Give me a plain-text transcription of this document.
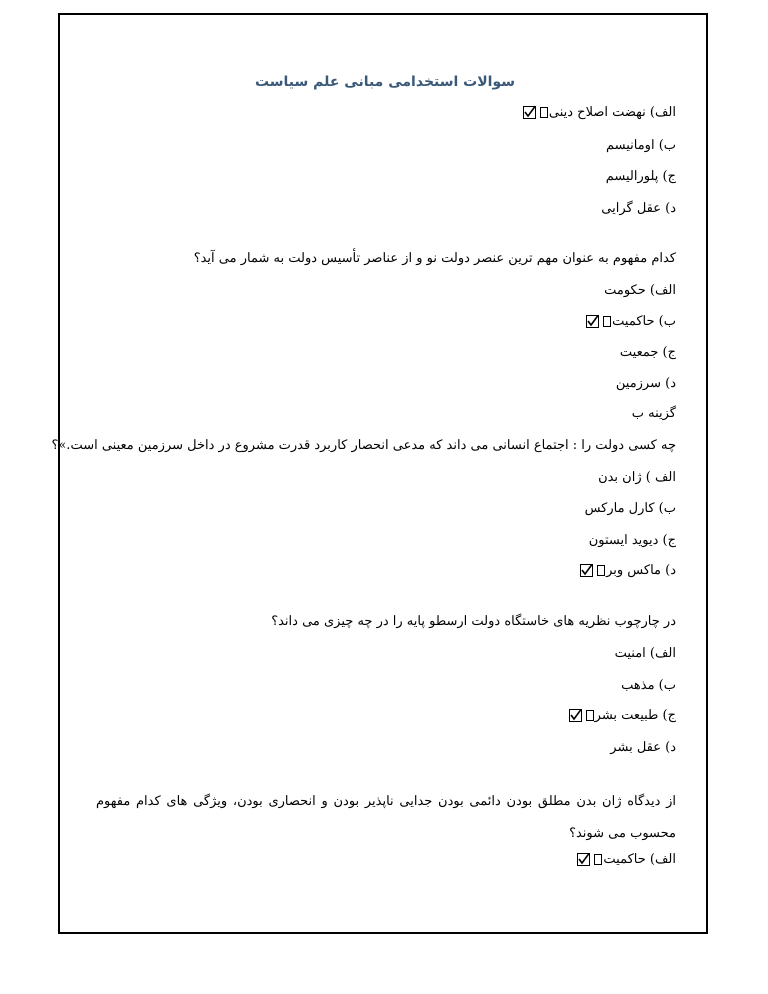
سوالات استخدامی مبانی علم سیاست
الف) نهضت اصلاح دینی
ب) اومانیسم
ج) پلورالیسم
د) عقل گرایی
کدام مفهوم به عنوان مهم ترین عنصر دولت نو و از عناصر تأسیس دولت به شمار می آید؟
الف) حکومت
ب) حاکمیت
ج) جمعیت
د) سرزمین
گزینه ب
چه کسی دولت را : اجتماع انسانی می داند که مدعی انحصار کاربرد قدرت مشروع در داخل سرزمین معینی است.»؟
الف ) ژان بدن
ب) کارل مارکس
ج) دیوید ایستون
د) ماکس وبر
در چارچوب نظریه های خاستگاه دولت ارسطو پایه را در چه چیزی می داند؟
الف) امنیت
ب) مذهب
ج) طبیعت بشر
د) عقل بشر
از دیدگاه ژان بدن مطلق بودن دائمی بودن جدایی ناپذیر بودن و انحصاری بودن، ویژگی های کدام مفهوم محسوب می شوند؟
الف) حاکمیت
